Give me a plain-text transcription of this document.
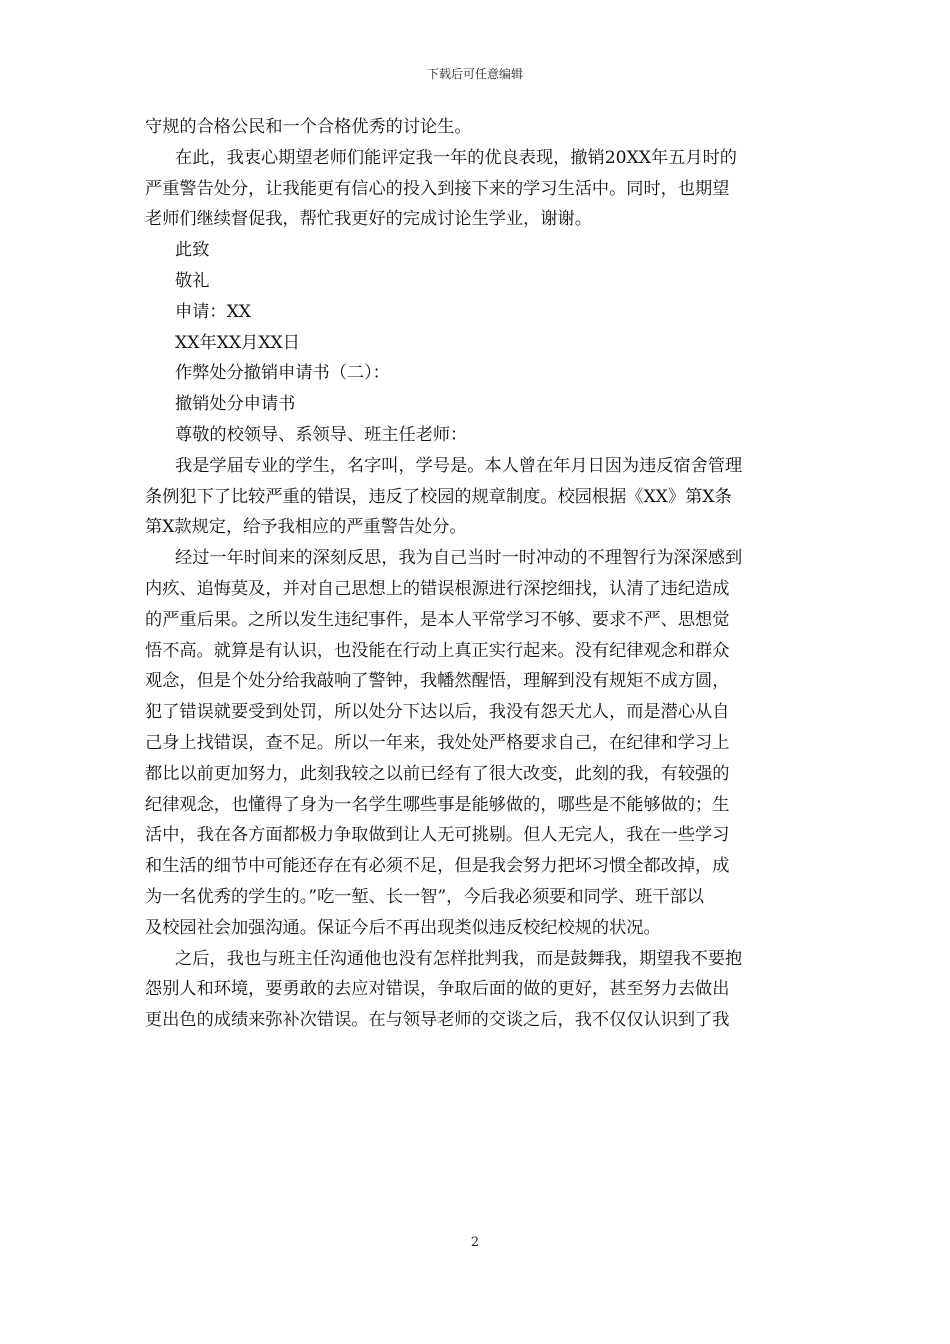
下载后可任意编辑
守规的合格公民和一个合格优秀的讨论生。
在此，我衷心期望老师们能评定我一年的优良表现，撤销20XX年五月时的
严重警告处分，让我能更有信心的投入到接下来的学习生活中。同时，也期望
老师们继续督促我，帮忙我更好的完成讨论生学业，谢谢。
此致
敬礼
申请：XX
XX年XX月XX日
作弊处分撤销申请书（二）：
撤销处分申请书
尊敬的校领导、系领导、班主任老师：
我是学届专业的学生，名字叫，学号是。本人曾在年月日因为违反宿舍管理
条例犯下了比较严重的错误，违反了校园的规章制度。校园根据《XX》第X条
第X款规定，给予我相应的严重警告处分。
经过一年时间来的深刻反思，我为自己当时一时冲动的不理智行为深深感到
内疚、追悔莫及，并对自己思想上的错误根源进行深挖细找，认清了违纪造成
的严重后果。之所以发生违纪事件，是本人平常学习不够、要求不严、思想觉
悟不高。就算是有认识，也没能在行动上真正实行起来。没有纪律观念和群众
观念，但是个处分给我敲响了警钟，我幡然醒悟，理解到没有规矩不成方圆，
犯了错误就要受到处罚，所以处分下达以后，我没有怨天尤人，而是潜心从自
己身上找错误，查不足。所以一年来，我处处严格要求自己，在纪律和学习上
都比以前更加努力，此刻我较之以前已经有了很大改变，此刻的我，有较强的
纪律观念，也懂得了身为一名学生哪些事是能够做的，哪些是不能够做的；生
活中，我在各方面都极力争取做到让人无可挑剔。但人无完人，我在一些学习
和生活的细节中可能还存在有必须不足，但是我会努力把坏习惯全都改掉，成
为一名优秀的学生的。”吃一堑、长一智”，今后我必须要和同学、班干部以
及校园社会加强沟通。保证今后不再出现类似违反校纪校规的状况。
之后，我也与班主任沟通他也没有怎样批判我，而是鼓舞我，期望我不要抱
怨别人和环境，要勇敢的去应对错误，争取后面的做的更好，甚至努力去做出
更出色的成绩来弥补次错误。在与领导老师的交谈之后，我不仅仅认识到了我
2
